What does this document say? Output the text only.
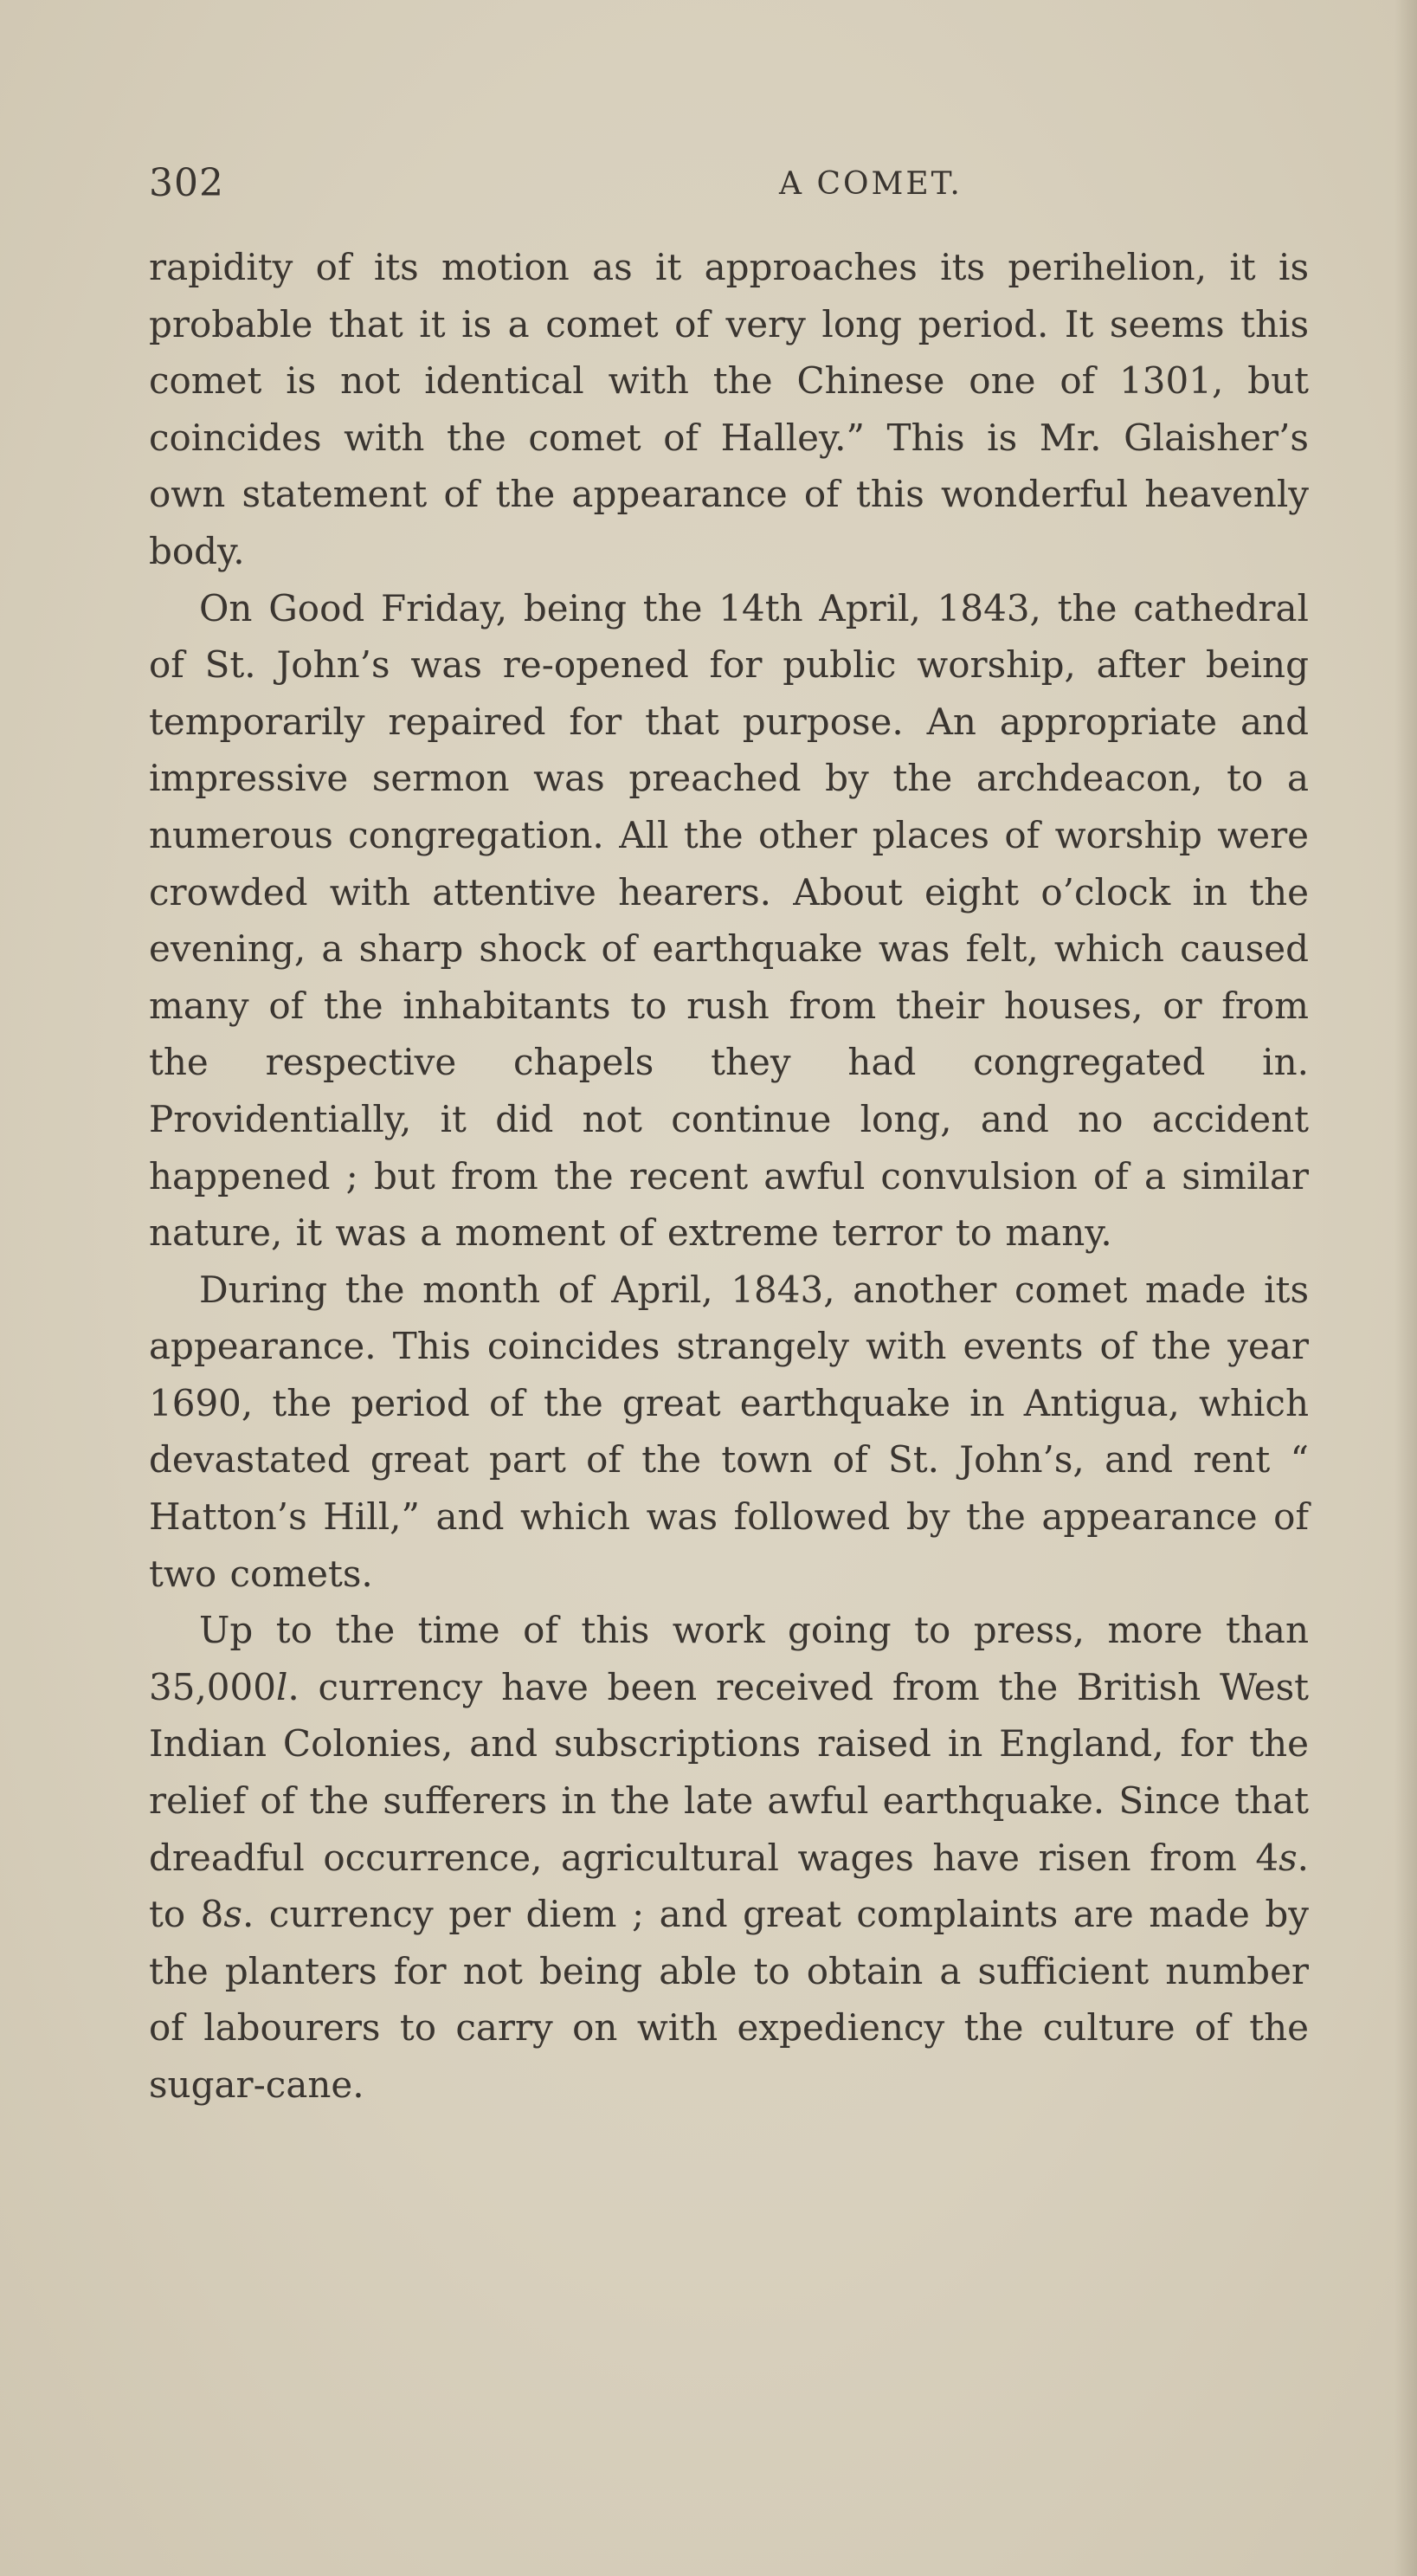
302	A COMET.

rapidity of its motion as it approaches its perihelion, it is probable that it is a comet of very long period. It seems this comet is not identical with the Chinese one of 1301, but coincides with the comet of Halley.” This is Mr. Glaisher’s own statement of the appearance of this wonderful heavenly body.

On Good Friday, being the 14th April, 1843, the cathedral of St. John’s was re-opened for public worship, after being temporarily repaired for that purpose. An appropriate and impressive sermon was preached by the archdeacon, to a numerous congregation. All the other places of worship were crowded with attentive hearers. About eight o’clock in the evening, a sharp shock of earthquake was felt, which caused many of the inhabitants to rush from their houses, or from the respective chapels they had congregated in. Providentially, it did not continue long, and no accident happened ; but from the recent awful convulsion of a similar nature, it was a moment of extreme terror to many.

During the month of April, 1843, another comet made its appearance. This coincides strangely with events of the year 1690, the period of the great earthquake in Antigua, which devastated great part of the town of St. John’s, and rent “ Hatton’s Hill,” and which was followed by the appearance of two comets.

Up to the time of this work going to press, more than 35,000l. currency have been received from the British West Indian Colonies, and subscriptions raised in England, for the relief of the sufferers in the late awful earthquake. Since that dreadful occurrence, agricultural wages have risen from 4s. to 8s. currency per diem ; and great complaints are made by the planters for not being able to obtain a sufficient number of labourers to carry on with expediency the culture of the sugar-cane.
